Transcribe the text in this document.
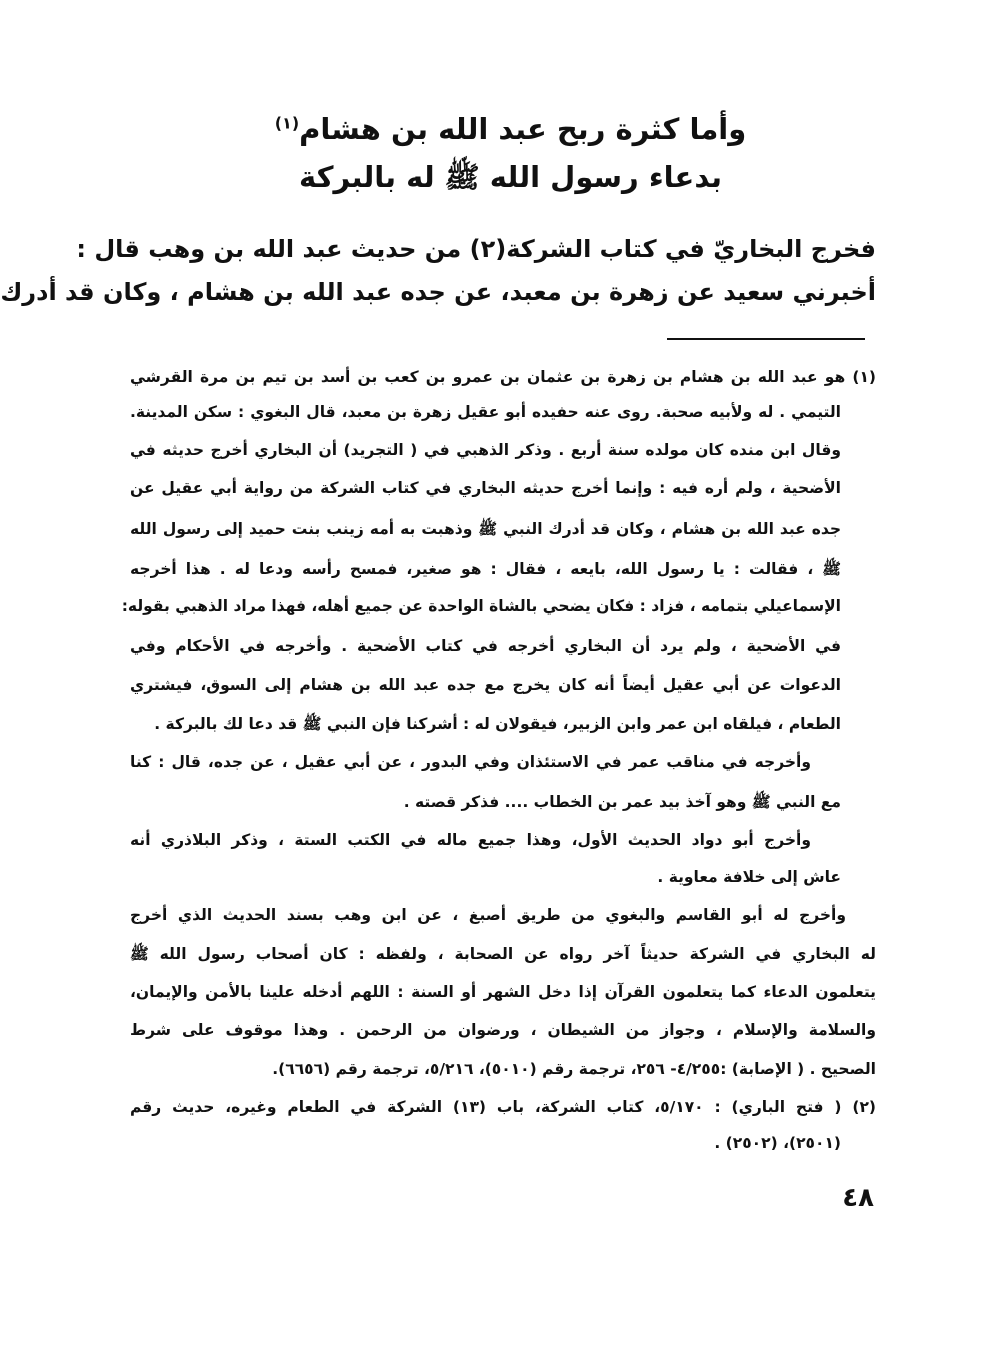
وأما كثرة ربح عبد الله بن هشام$^{(١)}$
بدعاء رسول الله ﷺ له بالبركة
فخرج البخاريّ في كتاب الشركة(٢) من حديث عبد الله بن وهب قال :
أخبرني سعيد عن زهرة بن معبد، عن جده عبد الله بن هشام ، وكان قد أدرك
(١) هو عبد الله بن هشام بن زهرة بن عثمان بن عمرو بن كعب بن أسد بن تيم بن مرة القرشي
التيمي . له ولأبيه صحبة. روى عنه حفيده أبو عقيل زهرة بن معبد، قال البغوي : سكن المدينة.
وقال ابن منده كان مولده سنة أربع . وذكر الذهبي في ( التجريد) أن البخاري أخرج حديثه في
الأضحية ، ولم أره فيه : وإنما أخرج حديثه البخاري في كتاب الشركة من رواية أبي عقيل عن
جده عبد الله بن هشام ، وكان قد أدرك النبي ﷺ وذهبت به أمه زينب بنت حميد إلى رسول الله
ﷺ ، فقالت : يا رسول الله، بايعه ، فقال : هو صغير، فمسح رأسه ودعا له . هذا أخرجه
الإسماعيلي بتمامه ، فزاد : فكان يضحي بالشاة الواحدة عن جميع أهله، فهذا مراد الذهبي بقوله:
في الأضحية ، ولم يرد أن البخاري أخرجه في كتاب الأضحية . وأخرجه في الأحكام وفي
الدعوات عن أبي عقيل أيضاً أنه كان يخرج مع جده عبد الله بن هشام إلى السوق، فيشتري
الطعام ، فيلقاه ابن عمر وابن الزبير، فيقولان له : أشركنا فإن النبي ﷺ قد دعا لك بالبركة .
وأخرجه في مناقب عمر في الاستئذان وفي البدور ، عن أبي عقيل ، عن جده، قال : كنا
مع النبي ﷺ وهو آخذ بيد عمر بن الخطاب .... فذكر قصته .
وأخرج أبو دواد الحديث الأول، وهذا جميع ماله في الكتب الستة ، وذكر البلاذري أنه
عاش إلى خلافة معاوية .
وأخرج له أبو القاسم والبغوي من طريق أصبغ ، عن ابن وهب بسند الحديث الذي أخرج
له البخاري في الشركة حديثاً آخر رواه عن الصحابة ، ولفظه : كان أصحاب رسول الله ﷺ
يتعلمون الدعاء كما يتعلمون القرآن إذا دخل الشهر أو السنة : اللهم أدخله علينا بالأمن والإيمان،
والسلامة والإسلام ، وجواز من الشيطان ، ورضوان من الرحمن . وهذا موقوف على شرط
الصحيح . ( الإصابة) :٤/٢٥٥- ٢٥٦، ترجمة رقم (٥٠١٠)، ٥/٢١٦، ترجمة رقم (٦٦٥٦).
(٢) ( فتح الباري) : ٥/١٧٠، كتاب الشركة، باب (١٣) الشركة في الطعام وغيره، حديث رقم
(٢٥٠١)، (٢٥٠٢) .
٤٨
